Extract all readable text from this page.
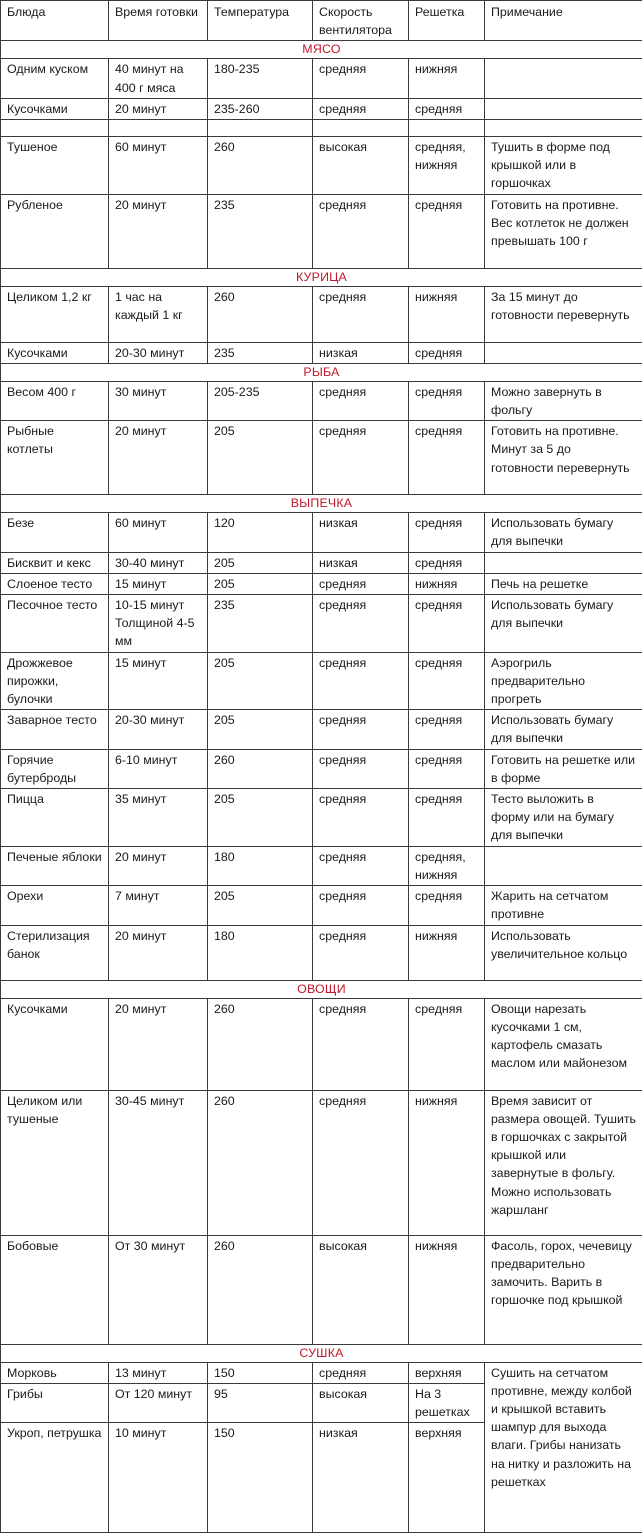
Блюда	Время готовки	Температура	Скорость вентилятора	Решетка	Примечание
МЯСО					
Одним куском	40 минут на 400 г мяса	180-235	средняя	нижняя	
Кусочками	20 минут	235-260	средняя	средняя	

Тушеное	60 минут	260	высокая	средняя, нижняя	Тушить в форме под крышкой или в горшочках
Рубленое	20 минут	235	средняя	средняя	Готовить на противне. Вес котлеток не должен превышать 100 г
КУРИЦА					
Целиком 1,2 кг	1 час на каждый 1 кг	260	средняя	нижняя	За 15 минут до готовности перевернуть
Кусочками	20-30 минут	235	низкая	средняя	
РЫБА					
Весом 400 г	30 минут	205-235	средняя	средняя	Можно завернуть в фольгу
Рыбные котлеты	20 минут	205	средняя	средняя	Готовить на противне. Минут за 5 до готовности перевернуть
ВЫПЕЧКА					
Безе	60 минут	120	низкая	средняя	Использовать бумагу для выпечки
Бисквит и кекс	30-40 минут	205	низкая	средняя	
Слоеное тесто	15 минут	205	средняя	нижняя	Печь на решетке
Песочное тесто	10-15 минут Толщиной 4-5 мм	235	средняя	средняя	Использовать бумагу для выпечки
Дрожжевое пирожки, булочки	15 минут	205	средняя	средняя	Аэрогриль предварительно прогреть
Заварное тесто	20-30 минут	205	средняя	средняя	Использовать бумагу для выпечки
Горячие бутерброды	6-10 минут	260	средняя	средняя	Готовить на решетке или в форме
Пицца	35 минут	205	средняя	средняя	Тесто выложить в форму или на бумагу для выпечки
Печеные яблоки	20 минут	180	средняя	средняя, нижняя	
Орехи	7 минут	205	средняя	средняя	Жарить на сетчатом противне
Стерилизация банок	20 минут	180	средняя	нижняя	Использовать увеличительное кольцо
ОВОЩИ					
Кусочками	20 минут	260	средняя	средняя	Овощи нарезать кусочками 1 см, картофель смазать маслом или майонезом
Целиком или тушеные	30-45 минут	260	средняя	нижняя	Время зависит от размера овощей. Тушить в горшочках с закрытой крышкой или завернутые в фольгу. Можно использовать жаршланг
Бобовые	От 30 минут	260	высокая	нижняя	Фасоль, горох, чечевицу предварительно замочить. Варить в горшочке под крышкой
СУШКА					
Морковь	13 минут	150	средняя	верхняя	Сушить на сетчатом противне, между колбой и крышкой вставить шампур для выхода влаги. Грибы нанизать на нитку и разложить на решетках
Грибы	От 120 минут	95	высокая	На 3 решетках	
Укроп, петрушка	10 минут	150	низкая	верхняя	
